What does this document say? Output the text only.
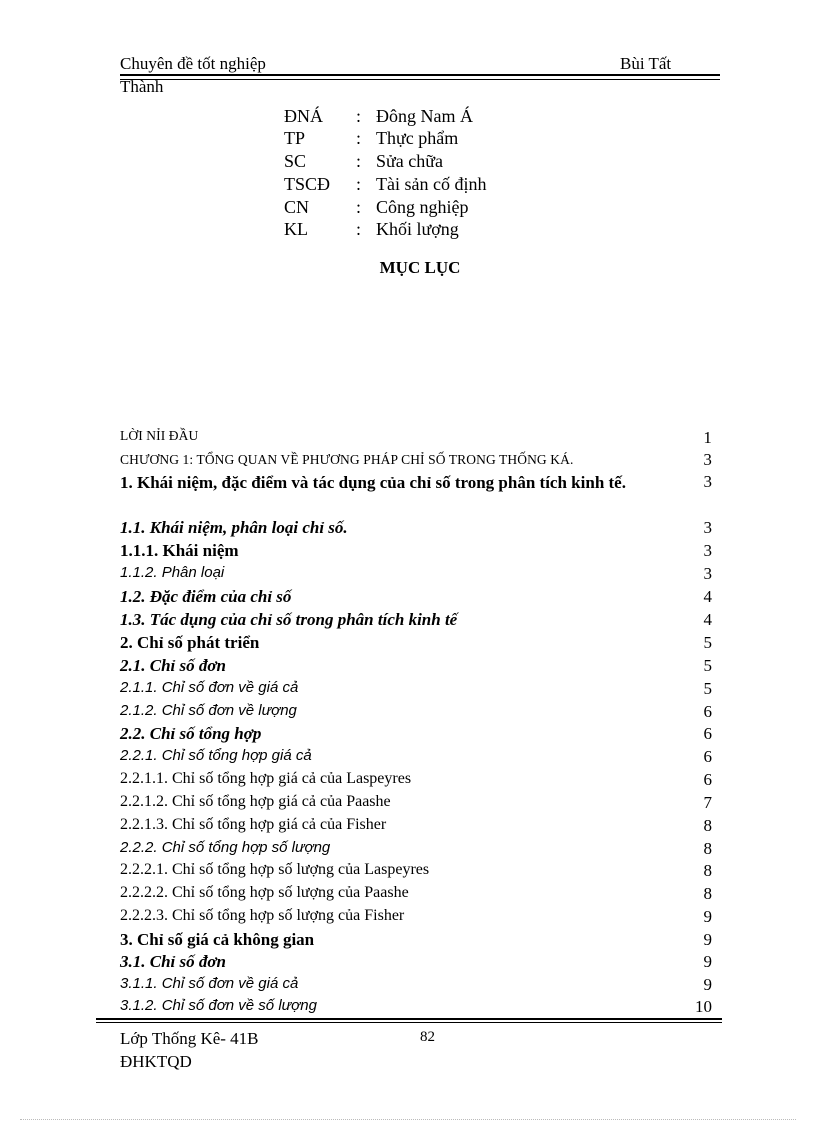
Chuyên đề tốt nghiệp	Bùi Tất
Thành
ĐNÁ : Đông Nam Á
TP	: Thực phẩm
SC	: Sửa chữa
TSCĐ : Tài sản cố định
CN	: Công nghiệp
KL	: Khối lượng
MỤC LỤC
LỜI NỈI ĐẦU	1
CHƯƠNG 1: TỔNG QUAN VỀ PHƯƠNG PHÁP CHỈ SỐ TRONG THỐNG KÁ.	3
1. Khái niệm, đặc điểm và tác dụng của chỉ số trong phân tích kinh tế.	3
1.1. Khái niệm, phân loại chỉ số.	3
1.1.1. Khái niệm	3
1.1.2. Phân loại	3
1.2. Đặc điểm của chỉ số	4
1.3. Tác dụng của chỉ số trong phân tích kinh tế	4
2. Chỉ số phát triển	5
2.1. Chỉ số đơn	5
2.1.1. Chỉ số đơn về giá cả	5
2.1.2. Chỉ số đơn về lượng	6
2.2. Chỉ số tổng hợp	6
2.2.1. Chỉ số tổng hợp giá cả	6
2.2.1.1. Chỉ số tổng hợp giá cả của Laspeyres	6
2.2.1.2. Chỉ số tổng hợp giá cả của Paashe	7
2.2.1.3. Chỉ số tổng hợp giá cả của Fisher	8
2.2.2. Chỉ số tổng hợp số lượng	8
2.2.2.1. Chỉ số tổng hợp số lượng của Laspeyres	8
2.2.2.2. Chỉ số tổng hợp số lượng của Paashe	8
2.2.2.3. Chỉ số tổng hợp số lượng của Fisher	9
3. Chỉ số giá cả không gian	9
3.1. Chỉ số đơn	9
3.1.1. Chỉ số đơn về giá cả	9
3.1.2. Chỉ số đơn về số lượng	10
Lớp Thống Kê- 41B	82
ĐHKTQD
